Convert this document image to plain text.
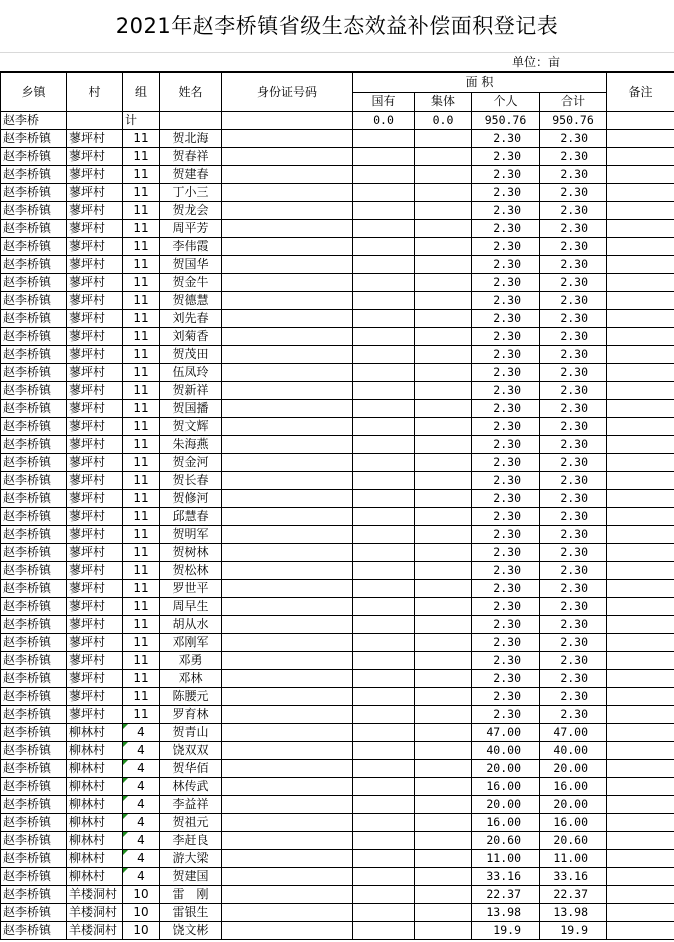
2021年赵李桥镇省级生态效益补偿面积登记表
单位：亩
乡镇	村	组	姓名	身份证号码	面 积				备注
					国有	集体	个人	合计	
赵李桥		计			0.0	0.0	950.76	950.76	
赵李桥镇	蓼坪村	11	贺北海				2.30	2.30	
赵李桥镇	蓼坪村	11	贺春祥				2.30	2.30	
赵李桥镇	蓼坪村	11	贺建春				2.30	2.30	
赵李桥镇	蓼坪村	11	丁小三				2.30	2.30	
赵李桥镇	蓼坪村	11	贺龙会				2.30	2.30	
赵李桥镇	蓼坪村	11	周平芳				2.30	2.30	
赵李桥镇	蓼坪村	11	李伟霞				2.30	2.30	
赵李桥镇	蓼坪村	11	贺国华				2.30	2.30	
赵李桥镇	蓼坪村	11	贺金牛				2.30	2.30	
赵李桥镇	蓼坪村	11	贺德慧				2.30	2.30	
赵李桥镇	蓼坪村	11	刘先春				2.30	2.30	
赵李桥镇	蓼坪村	11	刘菊香				2.30	2.30	
赵李桥镇	蓼坪村	11	贺茂田				2.30	2.30	
赵李桥镇	蓼坪村	11	伍凤玲				2.30	2.30	
赵李桥镇	蓼坪村	11	贺新祥				2.30	2.30	
赵李桥镇	蓼坪村	11	贺国播				2.30	2.30	
赵李桥镇	蓼坪村	11	贺文辉				2.30	2.30	
赵李桥镇	蓼坪村	11	朱海燕				2.30	2.30	
赵李桥镇	蓼坪村	11	贺金河				2.30	2.30	
赵李桥镇	蓼坪村	11	贺长春				2.30	2.30	
赵李桥镇	蓼坪村	11	贺修河				2.30	2.30	
赵李桥镇	蓼坪村	11	邱慧春				2.30	2.30	
赵李桥镇	蓼坪村	11	贺明军				2.30	2.30	
赵李桥镇	蓼坪村	11	贺树林				2.30	2.30	
赵李桥镇	蓼坪村	11	贺松林				2.30	2.30	
赵李桥镇	蓼坪村	11	罗世平				2.30	2.30	
赵李桥镇	蓼坪村	11	周早生				2.30	2.30	
赵李桥镇	蓼坪村	11	胡从水				2.30	2.30	
赵李桥镇	蓼坪村	11	邓刚军				2.30	2.30	
赵李桥镇	蓼坪村	11	邓勇				2.30	2.30	
赵李桥镇	蓼坪村	11	邓林				2.30	2.30	
赵李桥镇	蓼坪村	11	陈腰元				2.30	2.30	
赵李桥镇	蓼坪村	11	罗育林				2.30	2.30	
赵李桥镇	柳林村	4	贺青山				47.00	47.00	
赵李桥镇	柳林村	4	饶双双				40.00	40.00	
赵李桥镇	柳林村	4	贺华佰				20.00	20.00	
赵李桥镇	柳林村	4	林传武				16.00	16.00	
赵李桥镇	柳林村	4	李益祥				20.00	20.00	
赵李桥镇	柳林村	4	贺祖元				16.00	16.00	
赵李桥镇	柳林村	4	李赶良				20.60	20.60	
赵李桥镇	柳林村	4	游大梁				11.00	11.00	
赵李桥镇	柳林村	4	贺建国				33.16	33.16	
赵李桥镇	羊楼洞村	10	雷　刚				22.37	22.37	
赵李桥镇	羊楼洞村	10	雷银生				13.98	13.98	
赵李桥镇	羊楼洞村	10	饶文彬				19.9	19.9	
